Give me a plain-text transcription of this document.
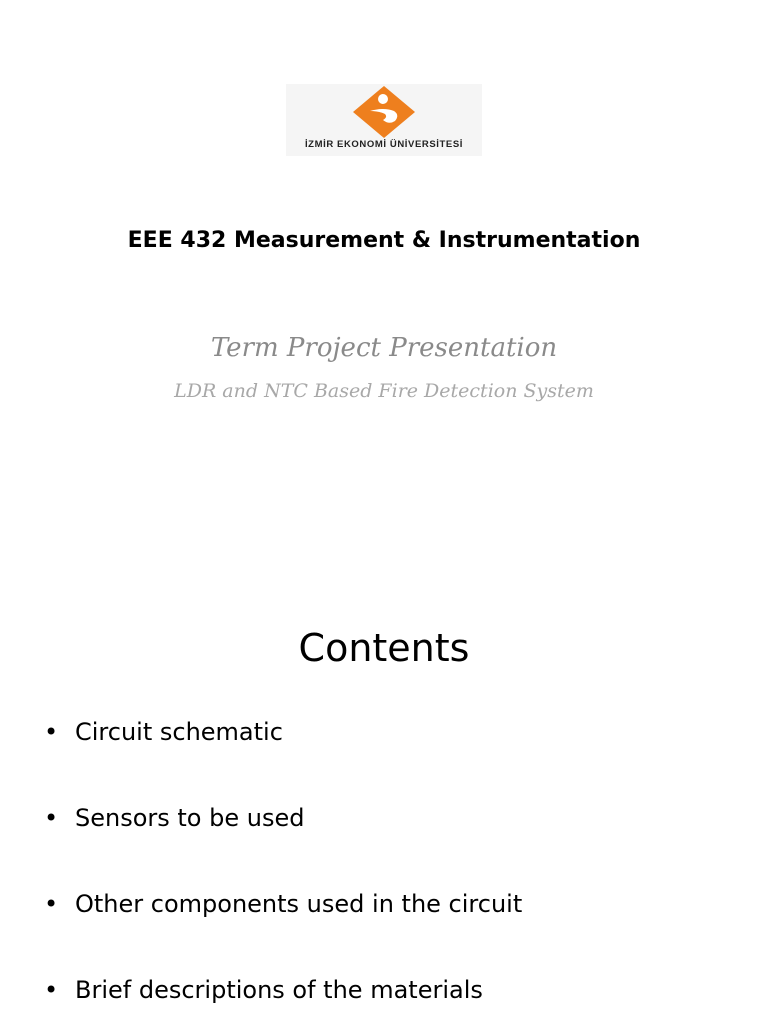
İZMİR EKONOMİ ÜNİVERSİTESİ
EEE 432 Measurement & Instrumentation
Term Project Presentation
LDR and NTC Based Fire Detection System
Contents
• Circuit schematic
• Sensors to be used
• Other components used in the circuit
• Brief descriptions of the materials
